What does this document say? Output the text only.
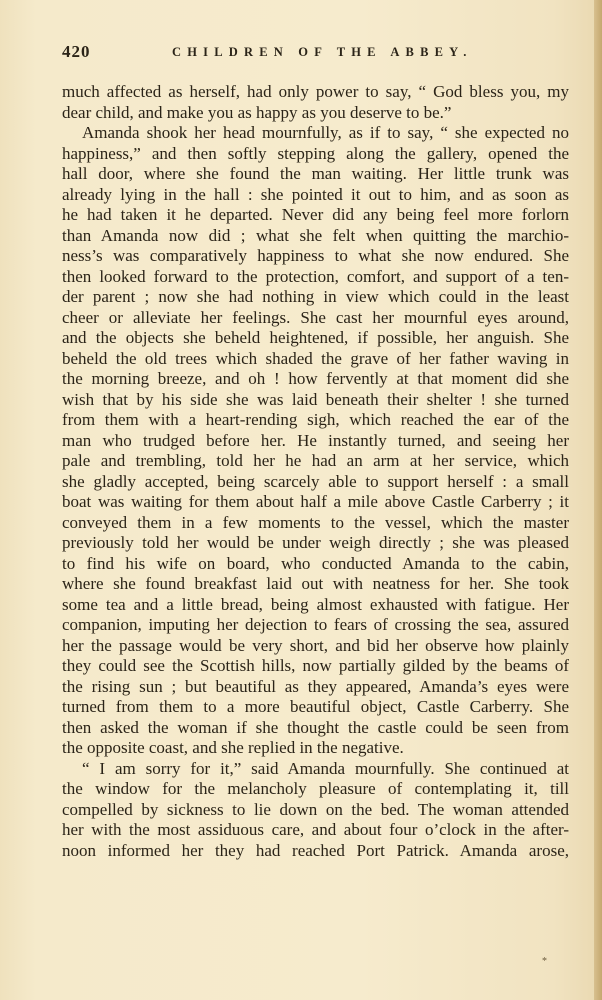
420	CHILDREN OF THE ABBEY.
much affected as herself, had only power to say, “ God bless you, my
dear child, and make you as happy as you deserve to be.”
Amanda shook her head mournfully, as if to say, “ she expected no
happiness,” and then softly stepping along the gallery, opened the
hall door, where she found the man waiting. Her little trunk was
already lying in the hall : she pointed it out to him, and as soon as
he had taken it he departed. Never did any being feel more forlorn
than Amanda now did ; what she felt when quitting the marchio-
ness’s was comparatively happiness to what she now endured. She
then looked forward to the protection, comfort, and support of a ten-
der parent ; now she had nothing in view which could in the least
cheer or alleviate her feelings. She cast her mournful eyes around,
and the objects she beheld heightened, if possible, her anguish. She
beheld the old trees which shaded the grave of her father waving in
the morning breeze, and oh ! how fervently at that moment did she
wish that by his side she was laid beneath their shelter ! she turned
from them with a heart-rending sigh, which reached the ear of the
man who trudged before her. He instantly turned, and seeing her
pale and trembling, told her he had an arm at her service, which
she gladly accepted, being scarcely able to support herself : a small
boat was waiting for them about half a mile above Castle Carberry ; it
conveyed them in a few moments to the vessel, which the master
previously told her would be under weigh directly ; she was pleased
to find his wife on board, who conducted Amanda to the cabin,
where she found breakfast laid out with neatness for her. She took
some tea and a little bread, being almost exhausted with fatigue. Her
companion, imputing her dejection to fears of crossing the sea, assured
her the passage would be very short, and bid her observe how plainly
they could see the Scottish hills, now partially gilded by the beams of
the rising sun ; but beautiful as they appeared, Amanda’s eyes were
turned from them to a more beautiful object, Castle Carberry. She
then asked the woman if she thought the castle could be seen from
the opposite coast, and she replied in the negative.
“ I am sorry for it,” said Amanda mournfully. She continued at
the window for the melancholy pleasure of contemplating it, till
compelled by sickness to lie down on the bed. The woman attended
her with the most assiduous care, and about four o’clock in the after-
noon informed her they had reached Port Patrick. Amanda arose,
*
